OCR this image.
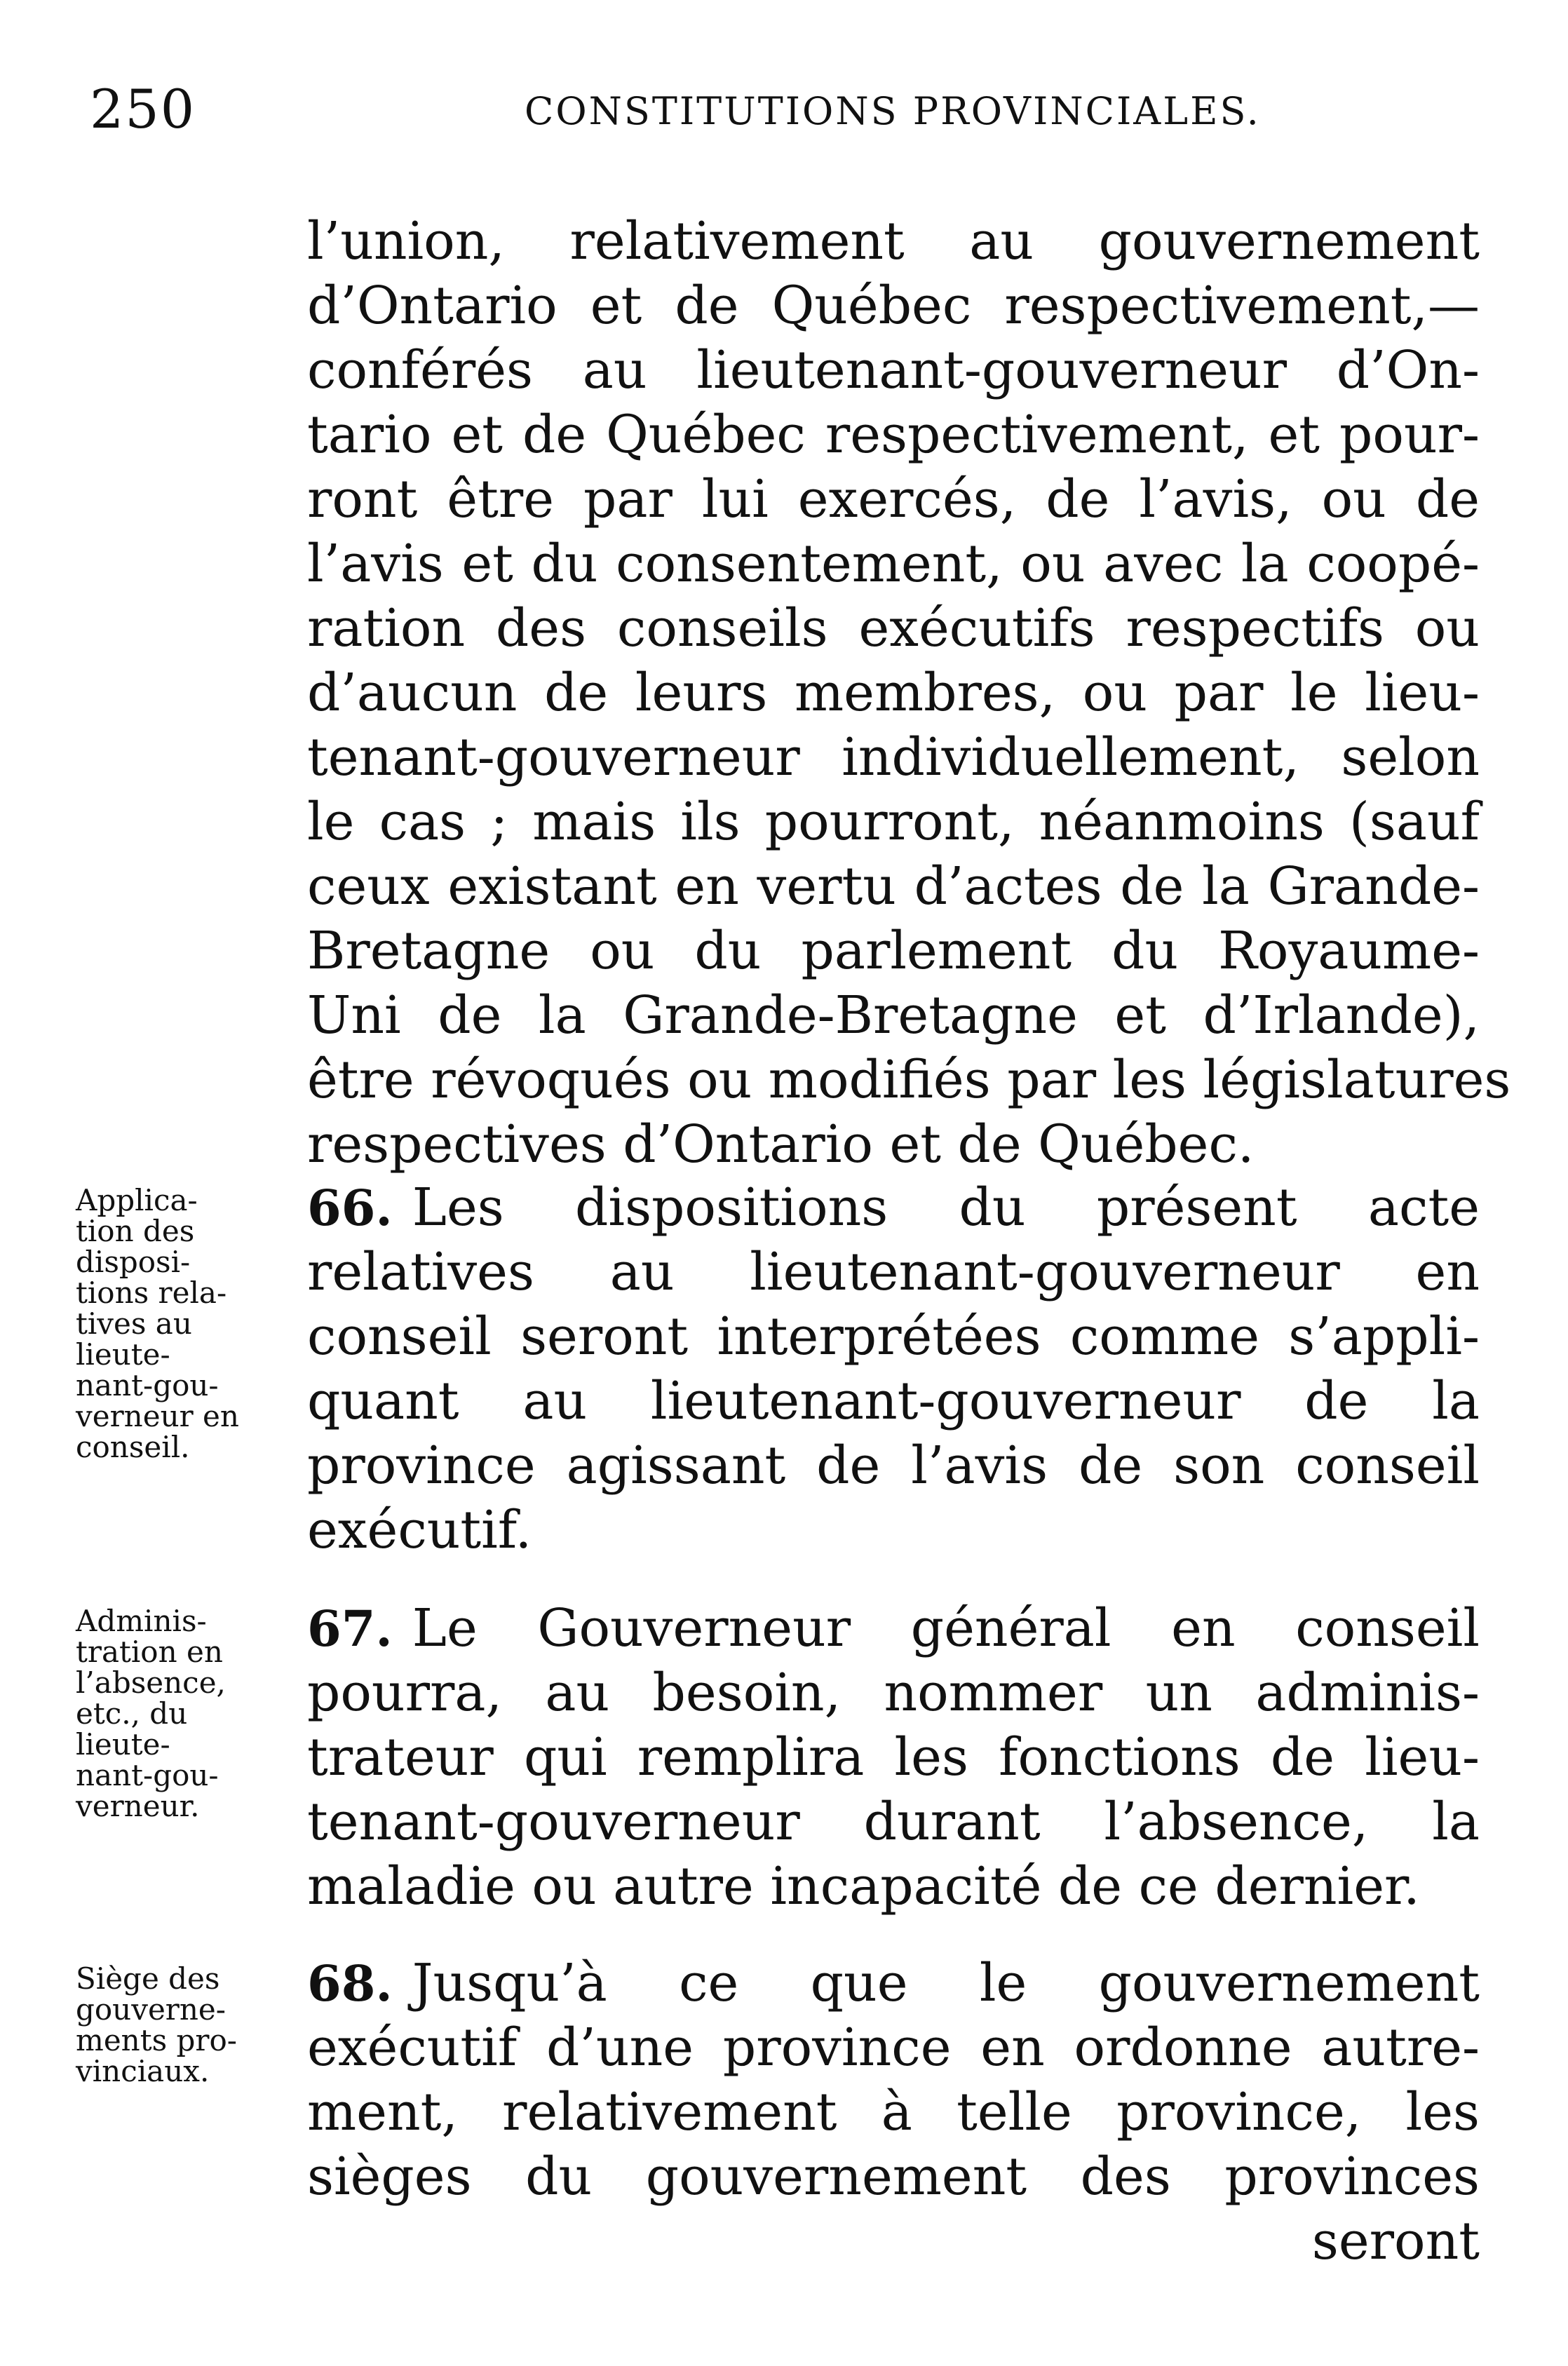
250	CONSTITUTIONS PROVINCIALES.
l’union, relativement au gouvernement
d’Ontario et de Québec respectivement,—
conférés au lieutenant-gouverneur d’On-
tario et de Québec respectivement, et pour-
ront être par lui exercés, de l’avis, ou de
l’avis et du consentement, ou avec la coopé-
ration des conseils exécutifs respectifs ou
d’aucun de leurs membres, ou par le lieu-
tenant-gouverneur individuellement, selon
le cas ; mais ils pourront, néanmoins (sauf
ceux existant en vertu d’actes de la Grande-
Bretagne ou du parlement du Royaume-
Uni de la Grande-Bretagne et d’Irlande),
être révoqués ou modifiés par les législatures
respectives d’Ontario et de Québec.
Applica-
tion des
disposi-
tions rela-
tives au
lieute-
nant-gou-
verneur en
conseil.
66. Les dispositions du présent acte
relatives au lieutenant-gouverneur en
conseil seront interprétées comme s’appli-
quant au lieutenant-gouverneur de la
province agissant de l’avis de son conseil
exécutif.
Adminis-
tration en
l’absence,
etc., du
lieute-
nant-gou-
verneur.
67. Le Gouverneur général en conseil
pourra, au besoin, nommer un adminis-
trateur qui remplira les fonctions de lieu-
tenant-gouverneur durant l’absence, la
maladie ou autre incapacité de ce dernier.
Siège des
gouverne-
ments pro-
vinciaux.
68. Jusqu’à ce que le gouvernement
exécutif d’une province en ordonne autre-
ment, relativement à telle province, les
sièges du gouvernement des provinces
seront
